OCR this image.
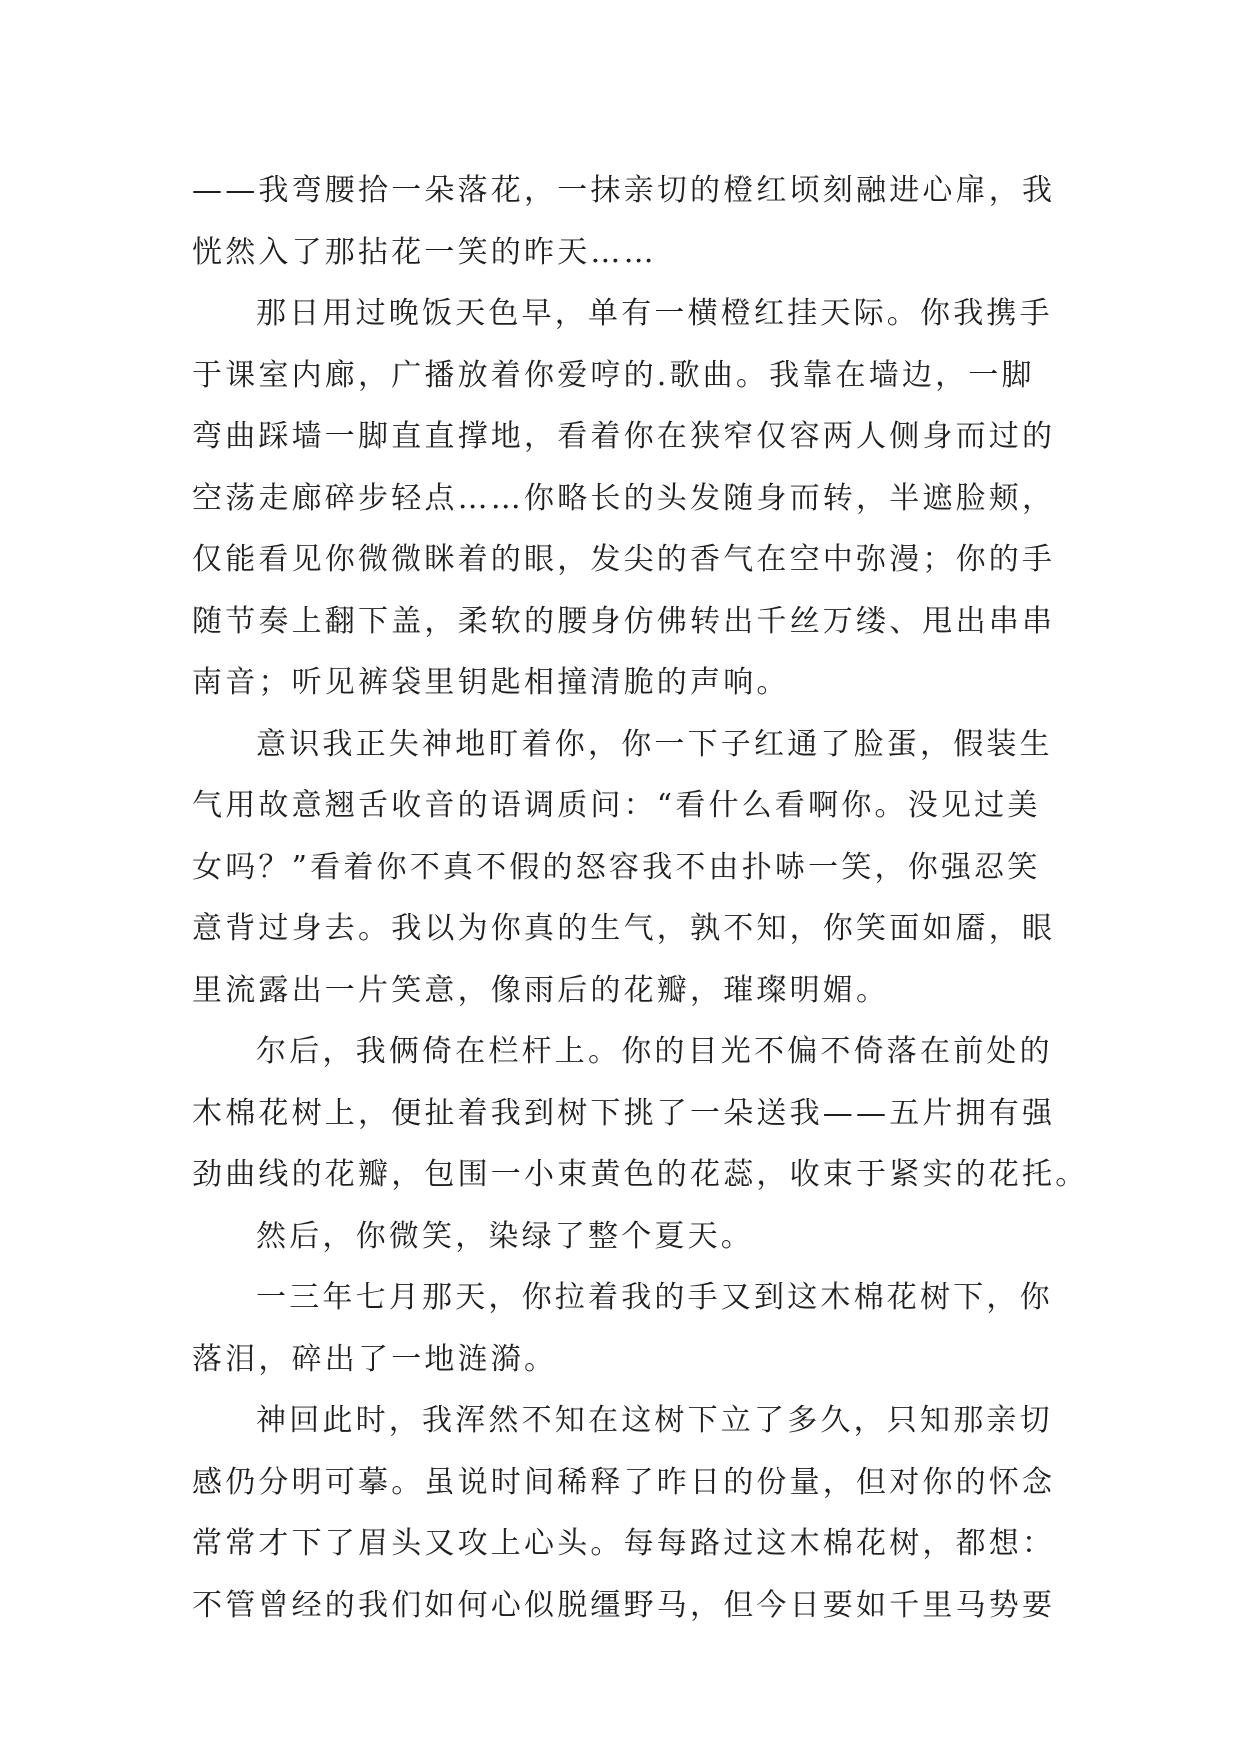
——我弯腰拾一朵落花，一抹亲切的橙红顷刻融进心扉，我
恍然入了那拈花一笑的昨天……
那日用过晚饭天色早，单有一横橙红挂天际。你我携手
于课室内廊，广播放着你爱哼的.歌曲。我靠在墙边，一脚
弯曲踩墙一脚直直撑地，看着你在狭窄仅容两人侧身而过的
空荡走廊碎步轻点……你略长的头发随身而转，半遮脸颊，
仅能看见你微微眯着的眼，发尖的香气在空中弥漫；你的手
随节奏上翻下盖，柔软的腰身仿佛转出千丝万缕、甩出串串
南音；听见裤袋里钥匙相撞清脆的声响。
意识我正失神地盯着你，你一下子红通了脸蛋，假装生
气用故意翘舌收音的语调质问：“看什么看啊你。没见过美
女吗？”看着你不真不假的怒容我不由扑哧一笑，你强忍笑
意背过身去。我以为你真的生气，孰不知，你笑面如靥，眼
里流露出一片笑意，像雨后的花瓣，璀璨明媚。
尔后，我俩倚在栏杆上。你的目光不偏不倚落在前处的
木棉花树上，便扯着我到树下挑了一朵送我——五片拥有强
劲曲线的花瓣，包围一小束黄色的花蕊，收束于紧实的花托。
然后，你微笑，染绿了整个夏天。
一三年七月那天，你拉着我的手又到这木棉花树下，你
落泪，碎出了一地涟漪。
神回此时，我浑然不知在这树下立了多久，只知那亲切
感仍分明可摹。虽说时间稀释了昨日的份量，但对你的怀念
常常才下了眉头又攻上心头。每每路过这木棉花树，都想：
不管曾经的我们如何心似脱缰野马，但今日要如千里马势要
